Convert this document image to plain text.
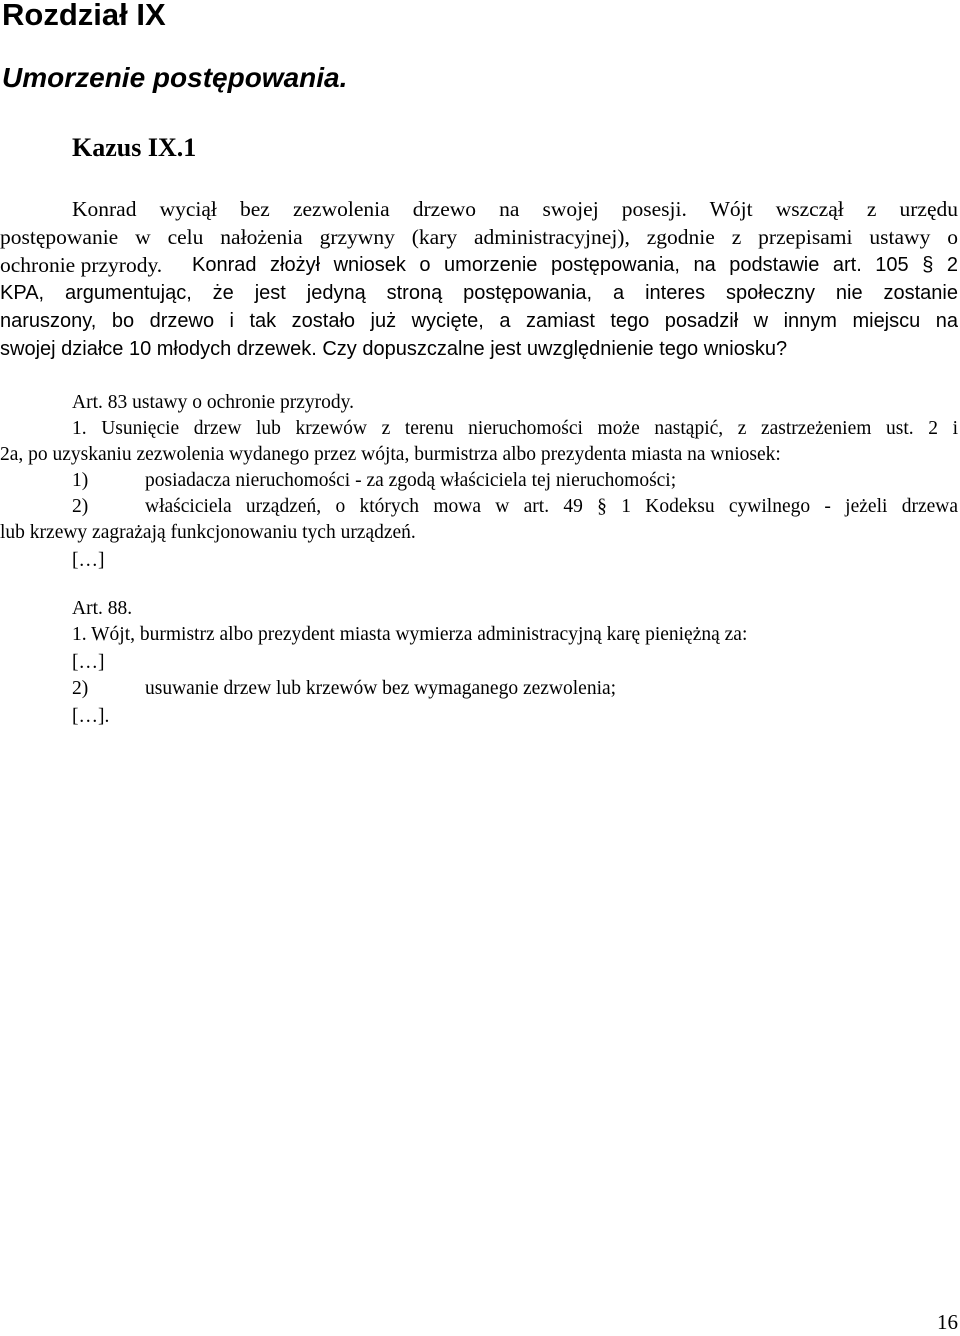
Rozdział IX
Umorzenie postępowania.
Kazus IX.1
Konrad wyciął bez zezwolenia drzewo na swojej posesji. Wójt wszczął z urzędu
postępowanie w celu nałożenia grzywny (kary administracyjnej), zgodnie z przepisami ustawy o
ochronie przyrody. Konrad złożył wniosek o umorzenie postępowania, na podstawie art. 105 § 2
KPA, argumentując, że jest jedyną stroną postępowania, a interes społeczny nie zostanie
naruszony, bo drzewo i tak zostało już wycięte, a zamiast tego posadził w innym miejscu na
swojej działce 10 młodych drzewek. Czy dopuszczalne jest uwzględnienie tego wniosku?
Art. 83 ustawy o ochronie przyrody.
1. Usunięcie drzew lub krzewów z terenu nieruchomości może nastąpić, z zastrzeżeniem ust. 2 i
2a, po uzyskaniu zezwolenia wydanego przez wójta, burmistrza albo prezydenta miasta na wniosek:
1)	posiadacza nieruchomości - za zgodą właściciela tej nieruchomości;
2)	właściciela urządzeń, o których mowa w art. 49 § 1 Kodeksu cywilnego - jeżeli drzewa
lub krzewy zagrażają funkcjonowaniu tych urządzeń.
[…]
Art. 88.
1. Wójt, burmistrz albo prezydent miasta wymierza administracyjną karę pieniężną za:
[…]
2)	usuwanie drzew lub krzewów bez wymaganego zezwolenia;
[…].
16
